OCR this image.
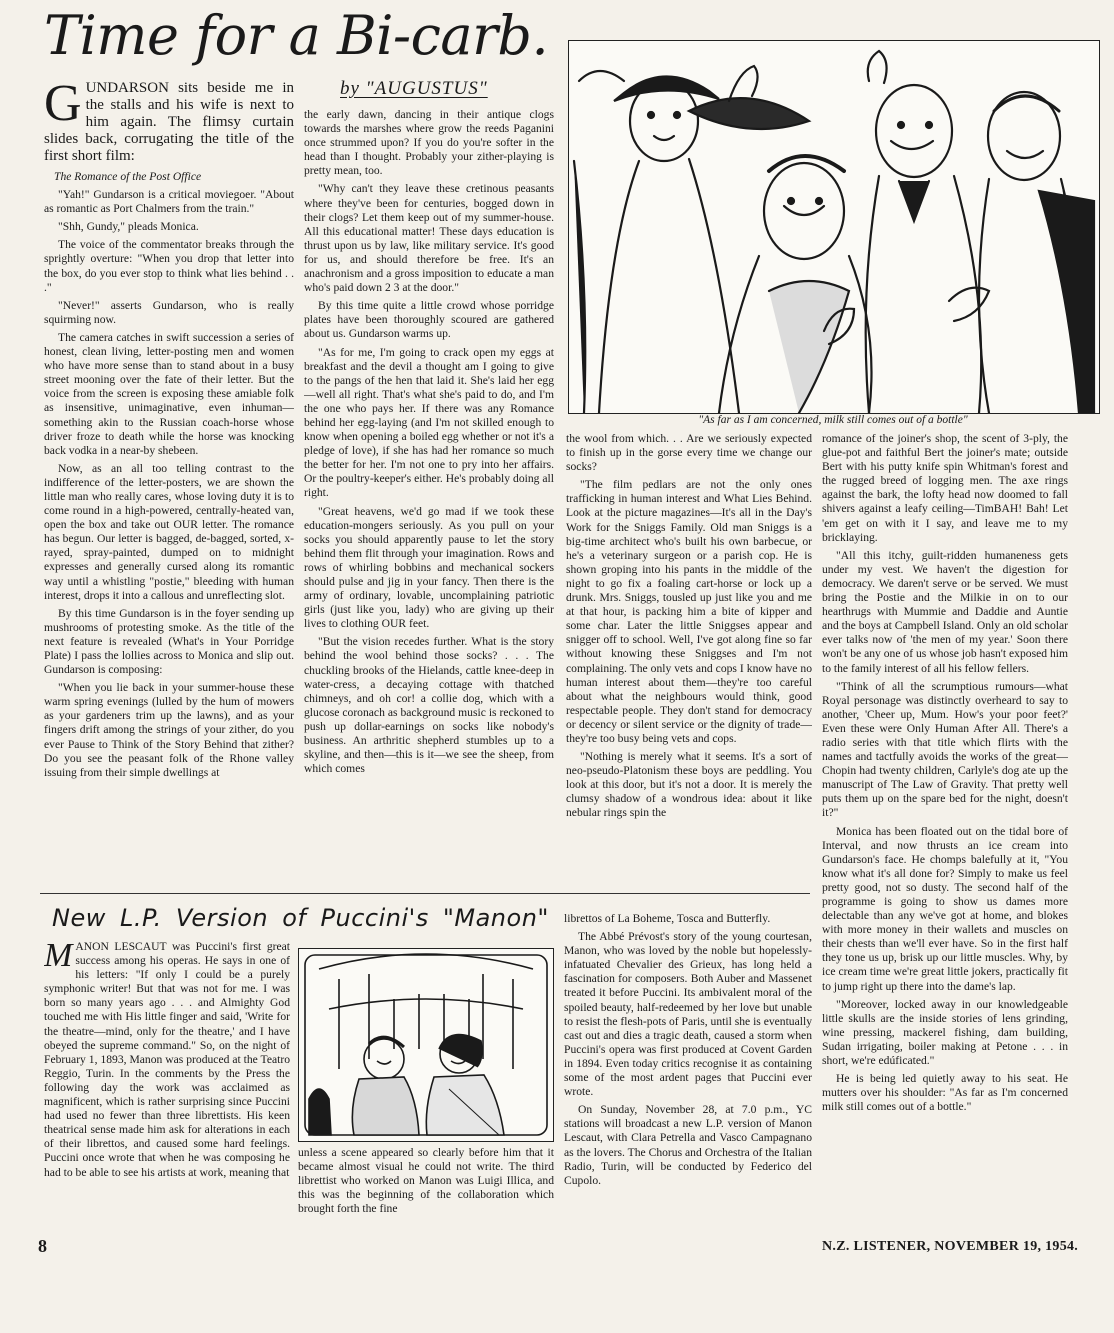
Time for a Bi-carb.
by "AUGUSTUS"
GUNDARSON sits beside me in the stalls and his wife is next to him again. The flimsy curtain slides back, corrugating the title of the first short film:

The Romance of the Post Office

"Yah!" Gundarson is a critical moviegoer. "About as romantic as Port Chalmers from the train."

"Shh, Gundy," pleads Monica.

The voice of the commentator breaks through the sprightly overture: "When you drop that letter into the box, do you ever stop to think what lies behind . . ."

"Never!" asserts Gundarson, who is really squirming now.

The camera catches in swift succession a series of honest, clean living, letter-posting men and women who have more sense than to stand about in a busy street mooning over the fate of their letter. But the voice from the screen is exposing these amiable folk as insensitive, unimaginative, even inhuman—something akin to the Russian coach-horse whose driver froze to death while the horse was knocking back vodka in a near-by shebeen.

Now, as an all too telling contrast to the indifference of the letter-posters, we are shown the little man who really cares, whose loving duty it is to come round in a high-powered, centrally-heated van, open the box and take out OUR letter. The romance has begun. Our letter is bagged, de-bagged, sorted, x-rayed, spray-painted, dumped on to midnight expresses and generally cursed along its romantic way until a whistling "postie," bleeding with human interest, drops it into a callous and unreflecting slot.

By this time Gundarson is in the foyer sending up mushrooms of protesting smoke. As the title of the next feature is revealed (What's in Your Porridge Plate) I pass the lollies across to Monica and slip out. Gundarson is composing:

"When you lie back in your summer-house these warm spring evenings (lulled by the hum of mowers as your gardeners trim up the lawns), and as your fingers drift among the strings of your zither, do you ever Pause to Think of the Story Behind that zither? Do you see the peasant folk of the Rhone valley issuing from their simple dwellings at

the early dawn, dancing in their antique clogs towards the marshes where grow the reeds Paganini once strummed upon? If you do you're softer in the head than I thought. Probably your zither-playing is pretty mean, too.

"Why can't they leave these cretinous peasants where they've been for centuries, bogged down in their clogs? Let them keep out of my summer-house. All this educational matter! These days education is thrust upon us by law, like military service. It's good for us, and should therefore be free. It's an anachronism and a gross imposition to educate a man who's paid down 2 3 at the door."

By this time quite a little crowd whose porridge plates have been thoroughly scoured are gathered about us. Gundarson warms up.

"As for me, I'm going to crack open my eggs at breakfast and the devil a thought am I going to give to the pangs of the hen that laid it. She's laid her egg—well all right. That's what she's paid to do, and I'm the one who pays her. If there was any Romance behind her egg-laying (and I'm not skilled enough to know when opening a boiled egg whether or not it's a pledge of love), if she has had her romance so much the better for her. I'm not one to pry into her affairs. Or the poultry-keeper's either. He's probably doing all right.

"Great heavens, we'd go mad if we took these education-mongers seriously. As you pull on your socks you should apparently pause to let the story behind them flit through your imagination. Rows and rows of whirling bobbins and mechanical sockers should pulse and jig in your fancy. Then there is the army of ordinary, lovable, uncomplaining patriotic girls (just like you, lady) who are giving up their lives to clothing OUR feet.

"But the vision recedes further. What is the story behind the wool behind those socks? . . . The chuckling brooks of the Hielands, cattle knee-deep in water-cress, a decaying cottage with thatched chimneys, and oh cor! a collie dog, which with a glucose coronach as background music is reckoned to push up dollar-earnings on socks like nobody's business. An arthritic shepherd stumbles up to a skyline, and then—this is it—we see the sheep, from which comes

"As far as I am concerned, milk still comes out of a bottle"

the wool from which. . . Are we seriously expected to finish up in the gorse every time we change our socks?

"The film pedlars are not the only ones trafficking in human interest and What Lies Behind. Look at the picture magazines—It's all in the Day's Work for the Sniggs Family. Old man Sniggs is a big-time architect who's built his own barbecue, or he's a veterinary surgeon or a parish cop. He is shown groping into his pants in the middle of the night to go fix a foaling cart-horse or lock up a drunk. Mrs. Sniggs, tousled up just like you and me at that hour, is packing him a bite of kipper and some char. Later the little Sniggses appear and snigger off to school. Well, I've got along fine so far without knowing these Sniggses and I'm not complaining. The only vets and cops I know have no human interest about them—they're too careful about what the neighbours would think, good respectable people. They don't stand for democracy or decency or silent service or the dignity of trade—they're too busy being vets and cops.

"Nothing is merely what it seems. It's a sort of neo-pseudo-Platonism these boys are peddling. You look at this door, but it's not a door. It is merely the clumsy shadow of a wondrous idea: about it like nebular rings spin the

romance of the joiner's shop, the scent of 3-ply, the glue-pot and faithful Bert the joiner's mate; outside Bert with his putty knife spin Whitman's forest and the rugged breed of logging men. The axe rings against the bark, the lofty head now doomed to fall shivers against a leafy ceiling—TimBAH! Bah! Let 'em get on with it I say, and leave me to my bricklaying.

"All this itchy, guilt-ridden humaneness gets under my vest. We haven't the digestion for democracy. We daren't serve or be served. We must bring the Postie and the Milkie in on to our hearthrugs with Mummie and Daddie and Auntie and the boys at Campbell Island. Only an old scholar ever talks now of 'the men of my year.' Soon there won't be any one of us whose job hasn't exposed him to the family interest of all his fellow fellers.

"Think of all the scrumptious rumours—what Royal personage was distinctly overheard to say to another, 'Cheer up, Mum. How's your poor feet?' Even these were Only Human After All. There's a radio series with that title which flirts with the names and tactfully avoids the works of the great—Chopin had twenty children, Carlyle's dog ate up the manuscript of The Law of Gravity. That pretty well puts them up on the spare bed for the night, doesn't it?"

Monica has been floated out on the tidal bore of Interval, and now thrusts an ice cream into Gundarson's face. He chomps balefully at it, "You know what it's all done for? Simply to make us feel pretty good, not so dusty. The second half of the programme is going to show us dames more delectable than any we've got at home, and blokes with more money in their wallets and muscles on their chests than we'll ever have. So in the first half they tone us up, brisk up our little muscles. Why, by ice cream time we're great little jokers, practically fit to jump right up there into the dame's lap.

"Moreover, locked away in our knowledgeable little skulls are the inside stories of lens grinding, wine pressing, mackerel fishing, dam building, Sudan irrigating, boiler making at Petone . . . in short, we're edúficated."

He is being led quietly away to his seat. He mutters over his shoulder: "As far as I'm concerned milk still comes out of a bottle."

New L.P. Version of Puccini's "Manon"

MANON LESCAUT was Puccini's first great success among his operas. He says in one of his letters: "If only I could be a purely symphonic writer! But that was not for me. I was born so many years ago . . . and Almighty God touched me with His little finger and said, 'Write for the theatre—mind, only for the theatre,' and I have obeyed the supreme command." So, on the night of February 1, 1893, Manon was produced at the Teatro Reggio, Turin. In the comments by the Press the following day the work was acclaimed as magnificent, which is rather surprising since Puccini had used no fewer than three librettists. His keen theatrical sense made him ask for alterations in each of their librettos, and caused some hard feelings. Puccini once wrote that when he was composing he had to be able to see his artists at work, meaning that

unless a scene appeared so clearly before him that it became almost visual he could not write. The third librettist who worked on Manon was Luigi Illica, and this was the beginning of the collaboration which brought forth the fine

librettos of La Boheme, Tosca and Butterfly.

The Abbé Prévost's story of the young courtesan, Manon, who was loved by the noble but hopelessly-infatuated Chevalier des Grieux, has long held a fascination for composers. Both Auber and Massenet treated it before Puccini. Its ambivalent moral of the spoiled beauty, half-redeemed by her love but unable to resist the flesh-pots of Paris, until she is eventually cast out and dies a tragic death, caused a storm when Puccini's opera was first produced at Covent Garden in 1894. Even today critics recognise it as containing some of the most ardent pages that Puccini ever wrote.

On Sunday, November 28, at 7.0 p.m., YC stations will broadcast a new L.P. version of Manon Lescaut, with Clara Petrella and Vasco Campagnano as the lovers. The Chorus and Orchestra of the Italian Radio, Turin, will be conducted by Federico del Cupolo.

8	N.Z. LISTENER, NOVEMBER 19, 1954.
